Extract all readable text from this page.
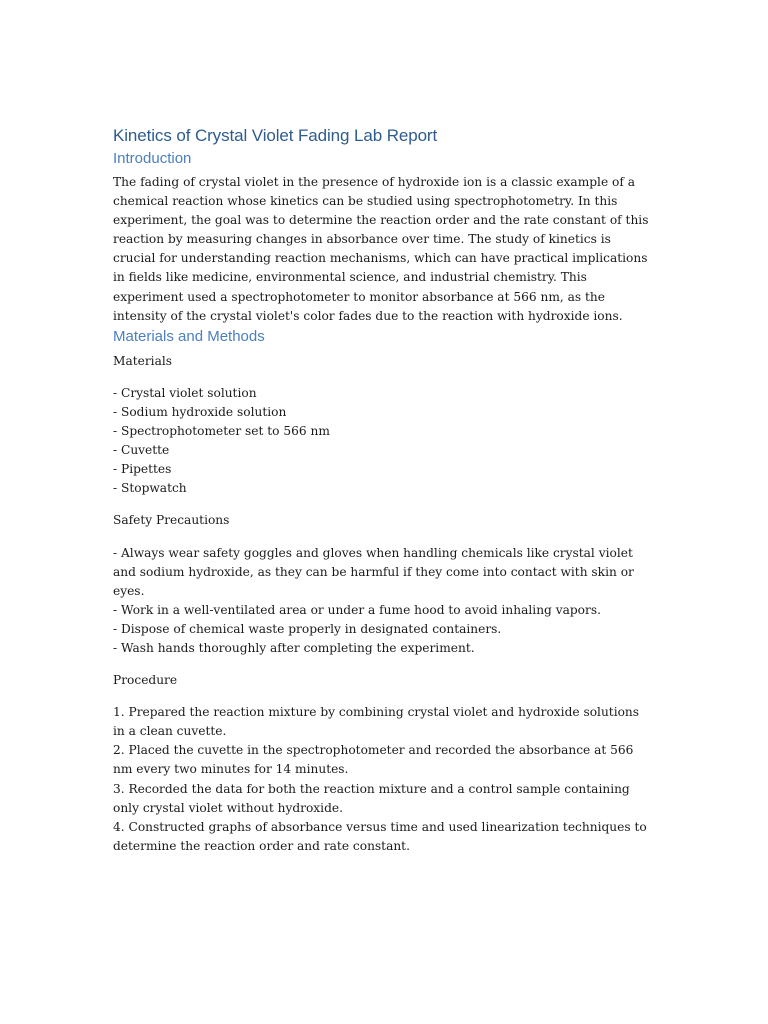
Kinetics of Crystal Violet Fading Lab Report
Introduction

The fading of crystal violet in the presence of hydroxide ion is a classic example of a chemical reaction whose kinetics can be studied using spectrophotometry. In this experiment, the goal was to determine the reaction order and the rate constant of this reaction by measuring changes in absorbance over time. The study of kinetics is crucial for understanding reaction mechanisms, which can have practical implications in fields like medicine, environmental science, and industrial chemistry. This experiment used a spectrophotometer to monitor absorbance at 566 nm, as the intensity of the crystal violet's color fades due to the reaction with hydroxide ions.

Materials and Methods

Materials

- Crystal violet solution
- Sodium hydroxide solution
- Spectrophotometer set to 566 nm
- Cuvette
- Pipettes
- Stopwatch

Safety Precautions

- Always wear safety goggles and gloves when handling chemicals like crystal violet and sodium hydroxide, as they can be harmful if they come into contact with skin or eyes.
- Work in a well-ventilated area or under a fume hood to avoid inhaling vapors.
- Dispose of chemical waste properly in designated containers.
- Wash hands thoroughly after completing the experiment.

Procedure

1. Prepared the reaction mixture by combining crystal violet and hydroxide solutions in a clean cuvette.
2. Placed the cuvette in the spectrophotometer and recorded the absorbance at 566 nm every two minutes for 14 minutes.
3. Recorded the data for both the reaction mixture and a control sample containing only crystal violet without hydroxide.
4. Constructed graphs of absorbance versus time and used linearization techniques to determine the reaction order and rate constant.
